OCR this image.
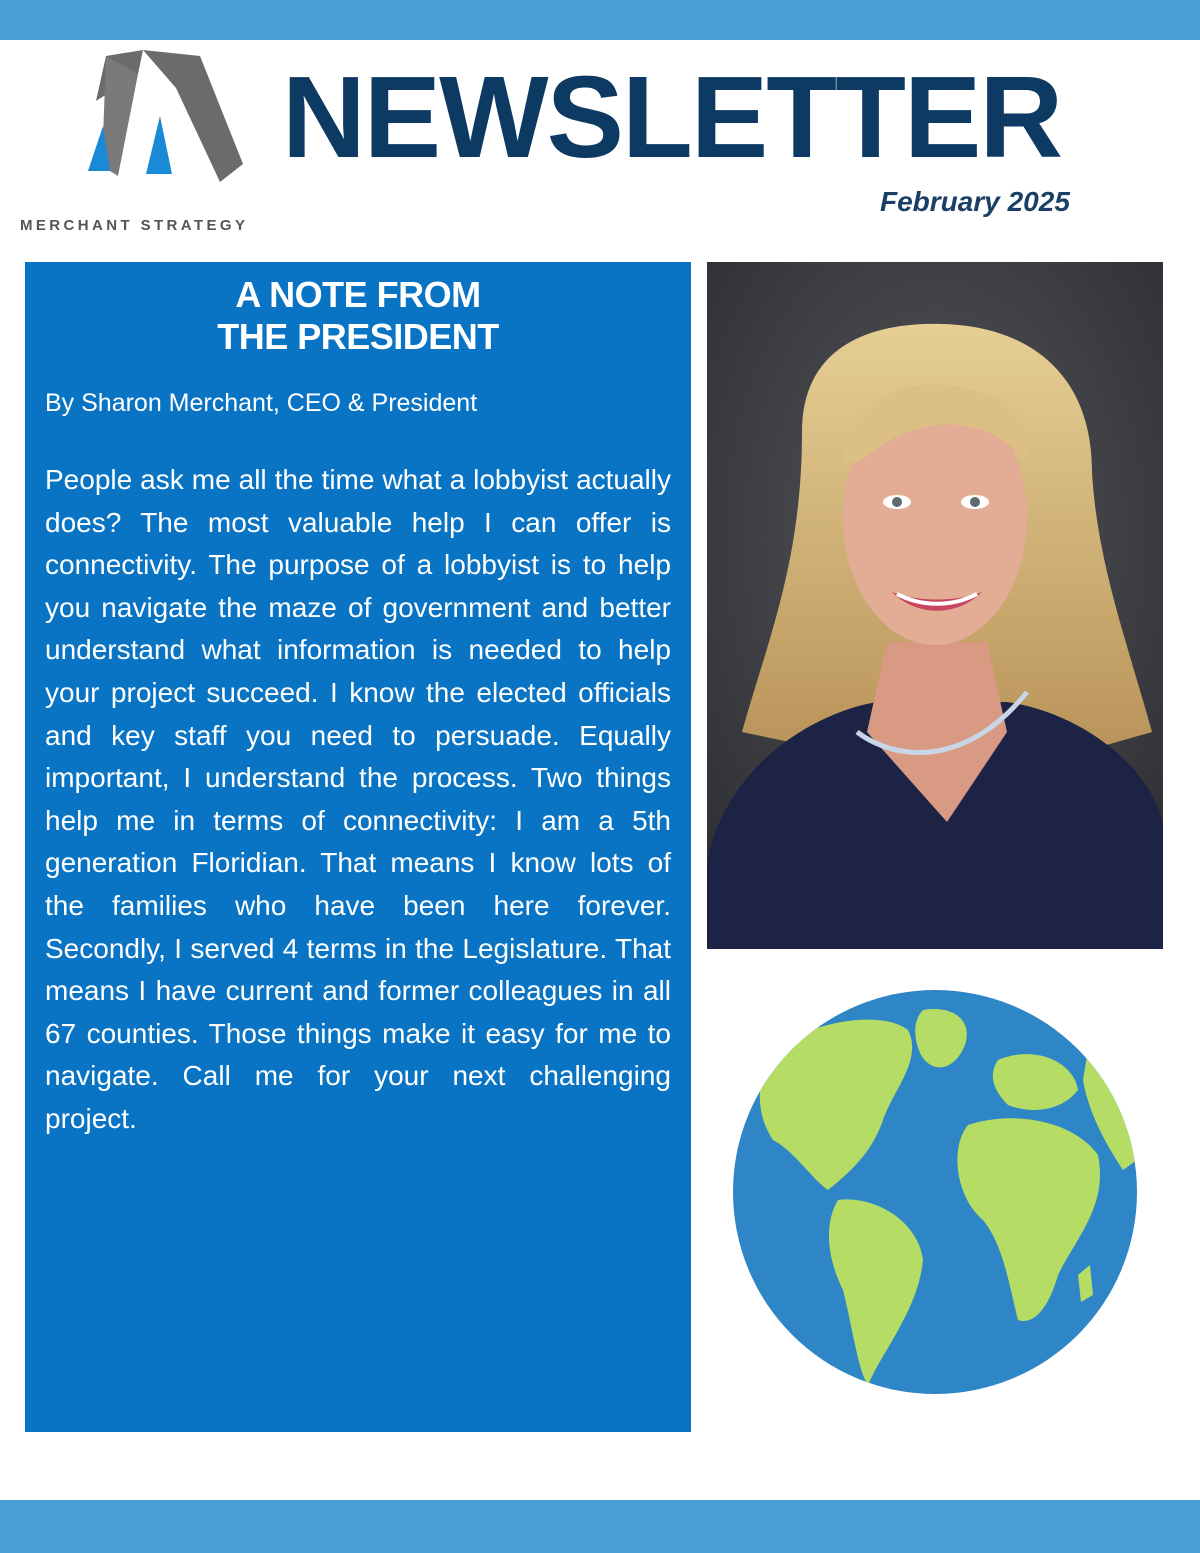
MERCHANT STRATEGY
NEWSLETTER
February 2025
A NOTE FROM
THE PRESIDENT
By Sharon Merchant, CEO & President

People ask me all the time what a lobbyist actually does? The most valuable help I can offer is connectivity. The purpose of a lobbyist is to help you navigate the maze of government and better understand what information is needed to help your project succeed. I know the elected officials and key staff you need to persuade. Equally important, I understand the process. Two things help me in terms of connectivity: I am a 5th generation Floridian. That means I know lots of the families who have been here forever. Secondly, I served 4 terms in the Legislature. That means I have current and former colleagues in all 67 counties. Those things make it easy for me to navigate. Call me for your next challenging project.
